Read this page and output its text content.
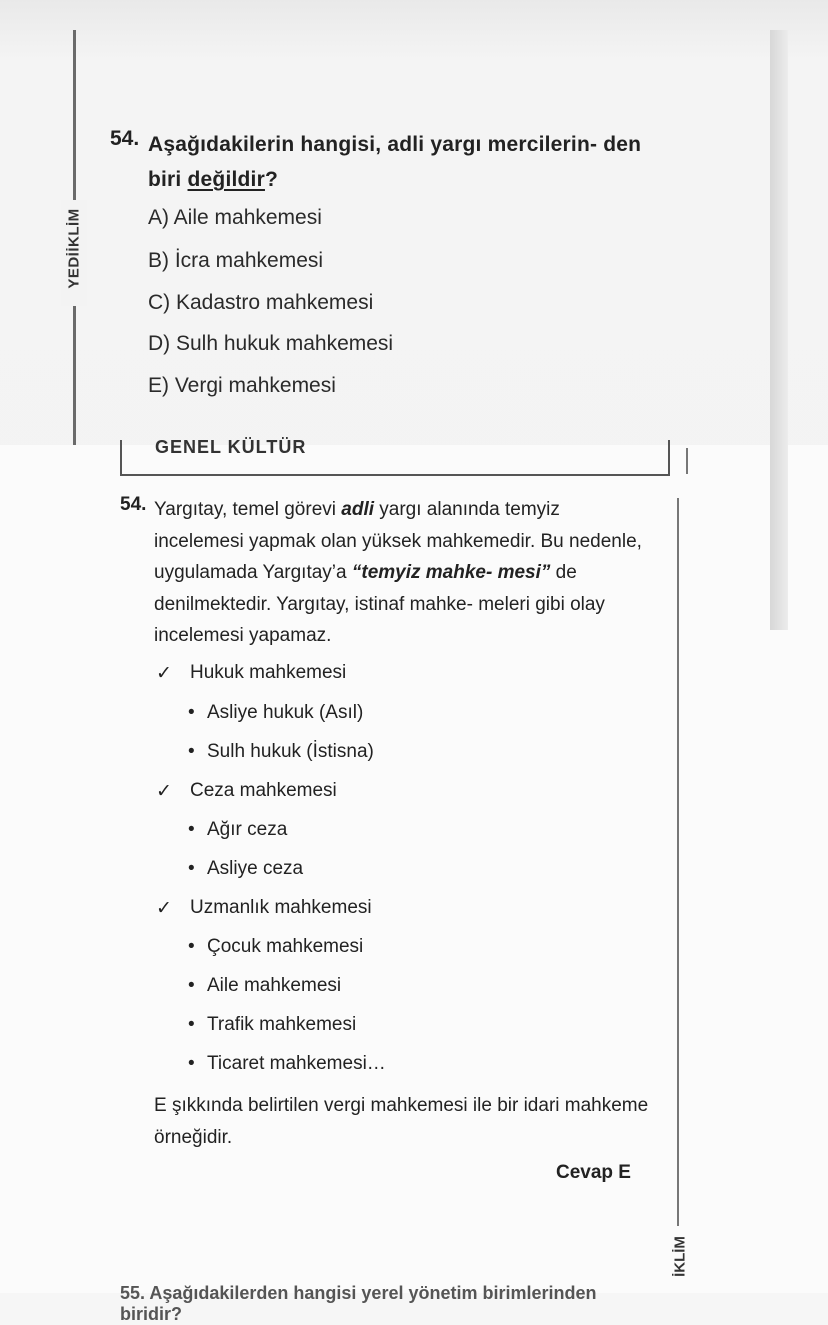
YEDİİKLİM
54. Aşağıdakilerin hangisi, adli yargı mercilerin- den biri değildir?
A) Aile mahkemesi
B) İcra mahkemesi
C) Kadastro mahkemesi
D) Sulh hukuk mahkemesi
E) Vergi mahkemesi
GENEL KÜLTÜR
54. Yargıtay, temel görevi adli yargı alanında temyiz incelemesi yapmak olan yüksek mahkemedir. Bu nedenle, uygulamada Yargıtay’a “temyiz mahke- mesi” de denilmektedir. Yargıtay, istinaf mahke- meleri gibi olay incelemesi yapamaz.
✓ Hukuk mahkemesi
• Asliye hukuk (Asıl)
• Sulh hukuk (İstisna)
✓ Ceza mahkemesi
• Ağır ceza
• Asliye ceza
✓ Uzmanlık mahkemesi
• Çocuk mahkemesi
• Aile mahkemesi
• Trafik mahkemesi
• Ticaret mahkemesi…
E şıkkında belirtilen vergi mahkemesi ile bir idari mahkeme örneğidir.
Cevap E
İKLİM
55. Aşağıdakilerden hangisi yerel yönetim birimlerinden biridir?
